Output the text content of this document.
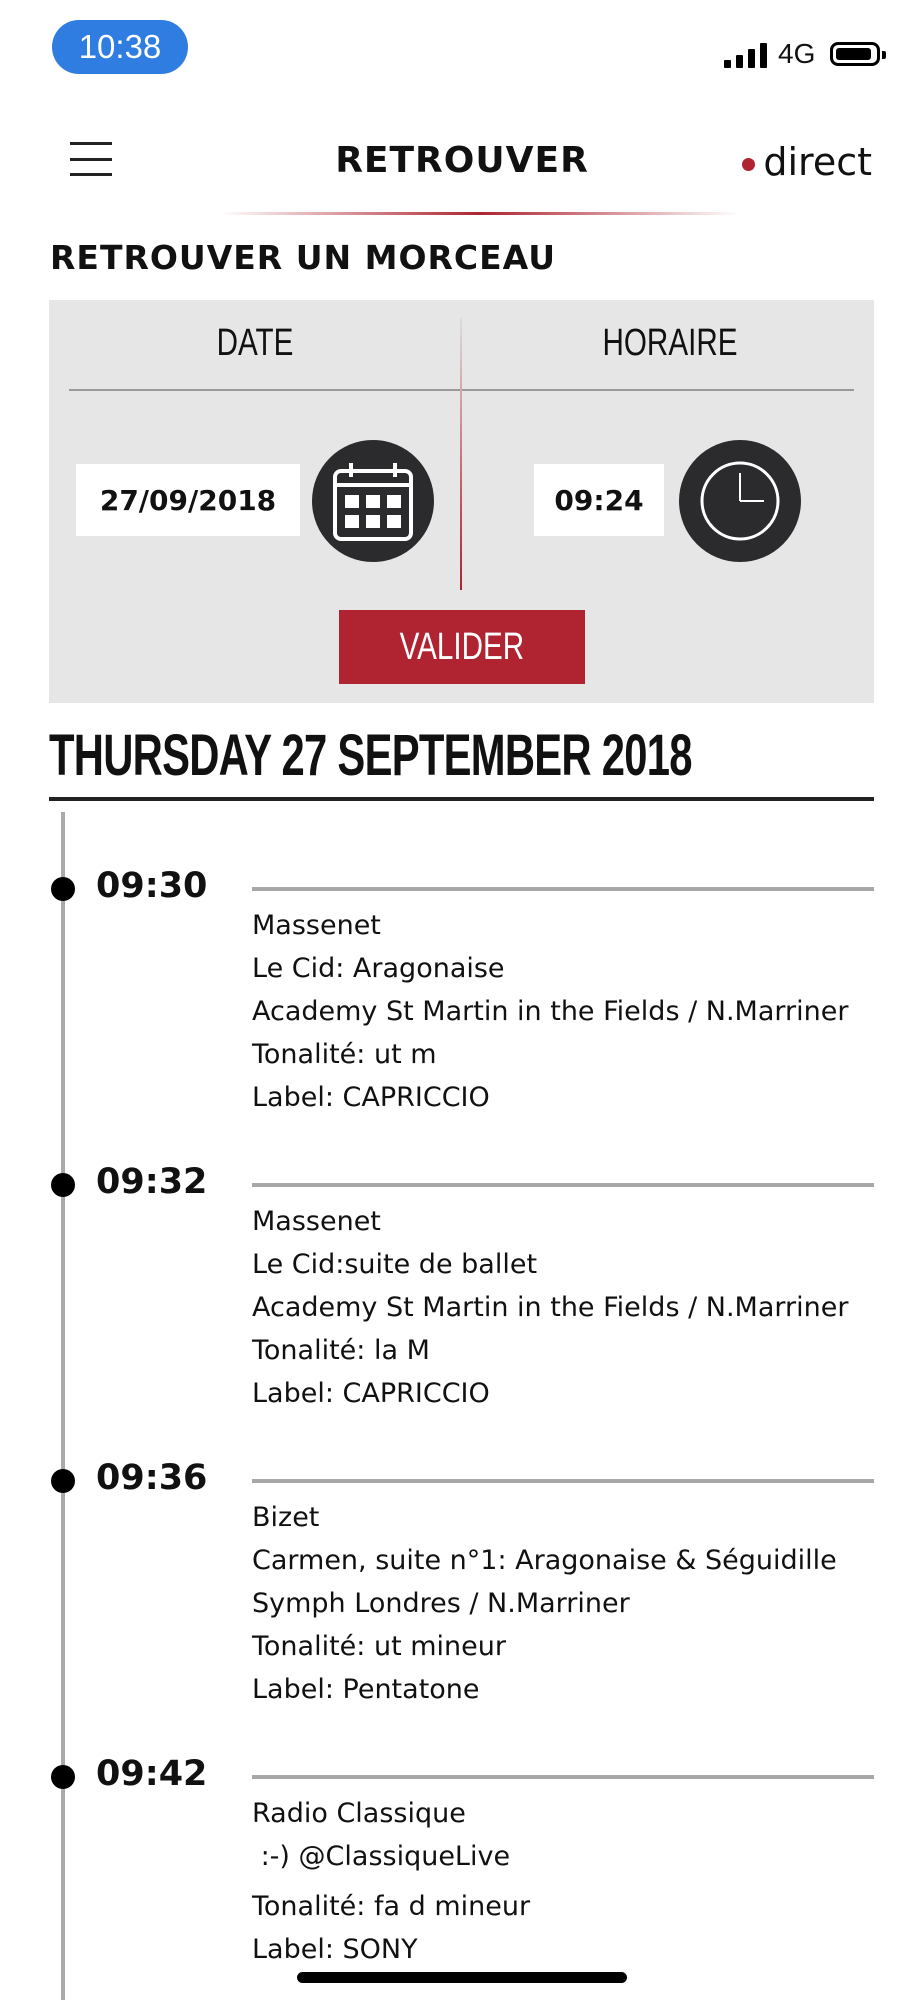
10:38	4G
RETROUVER	direct
RETROUVER UN MORCEAU
DATE	HORAIRE
27/09/2018	09:24
VALIDER
THURSDAY 27 SEPTEMBER 2018
09:30
Massenet
Le Cid: Aragonaise
Academy St Martin in the Fields / N.Marriner
Tonalité: ut m
Label: CAPRICCIO
09:32
Massenet
Le Cid:suite de ballet
Academy St Martin in the Fields / N.Marriner
Tonalité: la M
Label: CAPRICCIO
09:36
Bizet
Carmen, suite n°1: Aragonaise & Séguidille
Symph Londres / N.Marriner
Tonalité: ut mineur
Label: Pentatone
09:42
Radio Classique
:-) @ClassiqueLive
Tonalité: fa d mineur
Label: SONY
